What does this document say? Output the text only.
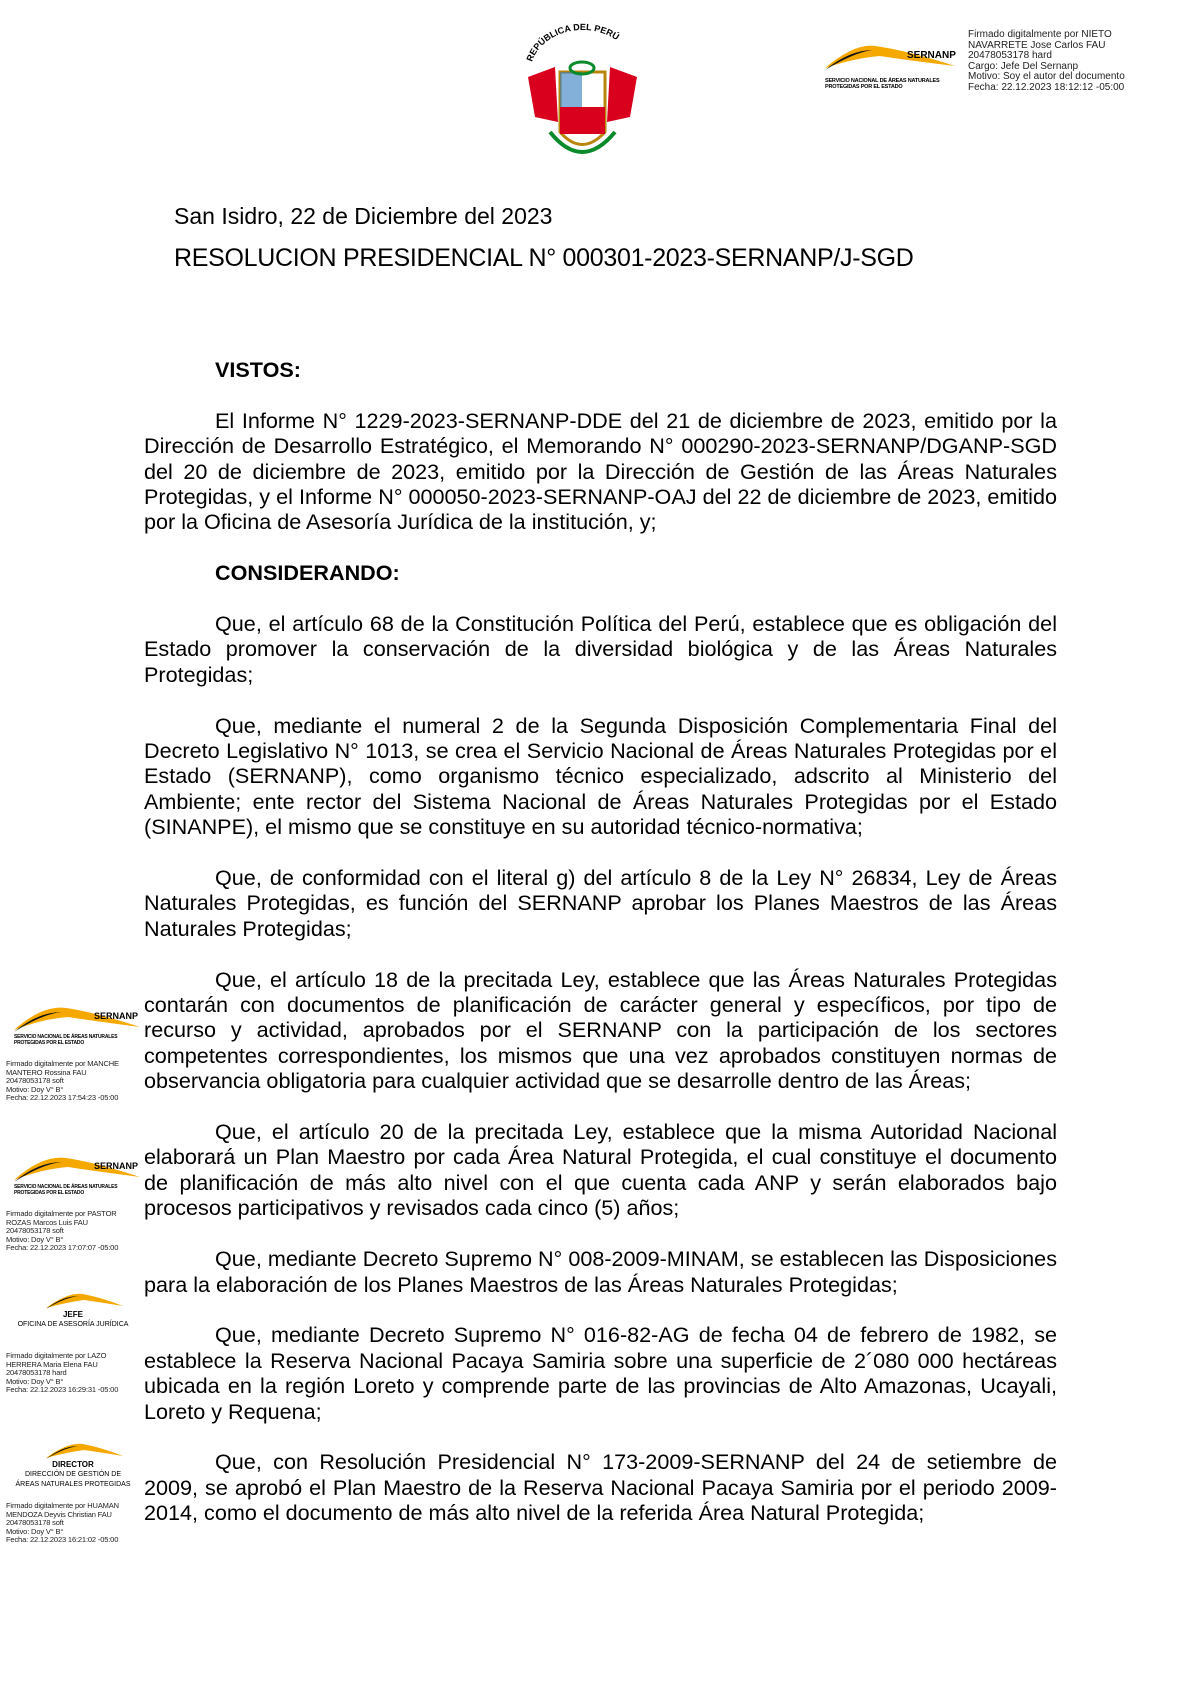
REPÚBLICA DEL PERÚ
SERNANP
SERVICIO NACIONAL DE ÁREAS NATURALES
PROTEGIDAS POR EL ESTADO
Firmado digitalmente por NIETO
NAVARRETE Jose Carlos FAU
20478053178 hard
Cargo: Jefe Del Sernanp
Motivo: Soy el autor del documento
Fecha: 22.12.2023 18:12:12 -05:00
San Isidro, 22 de Diciembre del 2023
RESOLUCION PRESIDENCIAL N° 000301-2023-SERNANP/J-SGD
VISTOS:

El Informe N° 1229-2023-SERNANP-DDE del 21 de diciembre de 2023, emitido por la Dirección de Desarrollo Estratégico, el Memorando N° 000290-2023-SERNANP/DGANP-SGD del 20 de diciembre de 2023, emitido por la Dirección de Gestión de las Áreas Naturales Protegidas, y el Informe N° 000050-2023-SERNANP-OAJ del 22 de diciembre de 2023, emitido por la Oficina de Asesoría Jurídica de la institución, y;

CONSIDERANDO:

Que, el artículo 68 de la Constitución Política del Perú, establece que es obligación del Estado promover la conservación de la diversidad biológica y de las Áreas Naturales Protegidas;

Que, mediante el numeral 2 de la Segunda Disposición Complementaria Final del Decreto Legislativo N° 1013, se crea el Servicio Nacional de Áreas Naturales Protegidas por el Estado (SERNANP), como organismo técnico especializado, adscrito al Ministerio del Ambiente; ente rector del Sistema Nacional de Áreas Naturales Protegidas por el Estado (SINANPE), el mismo que se constituye en su autoridad técnico-normativa;

Que, de conformidad con el literal g) del artículo 8 de la Ley N° 26834, Ley de Áreas Naturales Protegidas, es función del SERNANP aprobar los Planes Maestros de las Áreas Naturales Protegidas;

Que, el artículo 18 de la precitada Ley, establece que las Áreas Naturales Protegidas contarán con documentos de planificación de carácter general y específicos, por tipo de recurso y actividad, aprobados por el SERNANP con la participación de los sectores competentes correspondientes, los mismos que una vez aprobados constituyen normas de observancia obligatoria para cualquier actividad que se desarrolle dentro de las Áreas;

Que, el artículo 20 de la precitada Ley, establece que la misma Autoridad Nacional elaborará un Plan Maestro por cada Área Natural Protegida, el cual constituye el documento de planificación de más alto nivel con el que cuenta cada ANP y serán elaborados bajo procesos participativos y revisados cada cinco (5) años;

Que, mediante Decreto Supremo N° 008-2009-MINAM, se establecen las Disposiciones para la elaboración de los Planes Maestros de las Áreas Naturales Protegidas;

Que, mediante Decreto Supremo N° 016-82-AG de fecha 04 de febrero de 1982, se establece la Reserva Nacional Pacaya Samiria sobre una superficie de 2´080 000 hectáreas ubicada en la región Loreto y comprende parte de las provincias de Alto Amazonas, Ucayali, Loreto y Requena;

Que, con Resolución Presidencial N° 173-2009-SERNANP del 24 de setiembre de 2009, se aprobó el Plan Maestro de la Reserva Nacional Pacaya Samiria por el periodo 2009-2014, como el documento de más alto nivel de la referida Área Natural Protegida;

SERNANP
SERVICIO NACIONAL DE ÁREAS NATURALES
PROTEGIDAS POR EL ESTADO
Firmado digitalmente por MANCHE
MANTERO Rossina FAU
20478053178 soft
Motivo: Doy V° B°
Fecha: 22.12.2023 17:54:23 -05:00
SERNANP
SERVICIO NACIONAL DE ÁREAS NATURALES
PROTEGIDAS POR EL ESTADO
Firmado digitalmente por PASTOR
ROZAS Marcos Luis FAU
20478053178 soft
Motivo: Doy V° B°
Fecha: 22.12.2023 17:07:07 -05:00
JEFE
OFICINA DE ASESORÍA JURÍDICA
Firmado digitalmente por LAZO
HERRERA Maria Elena FAU
20478053178 hard
Motivo: Doy V° B°
Fecha: 22.12.2023 16:29:31 -05:00
DIRECTOR
DIRECCIÓN DE GESTIÓN DE
ÁREAS NATURALES PROTEGIDAS
Firmado digitalmente por HUAMAN
MENDOZA Deyvis Christian FAU
20478053178 soft
Motivo: Doy V° B°
Fecha: 22.12.2023 16:21:02 -05:00
